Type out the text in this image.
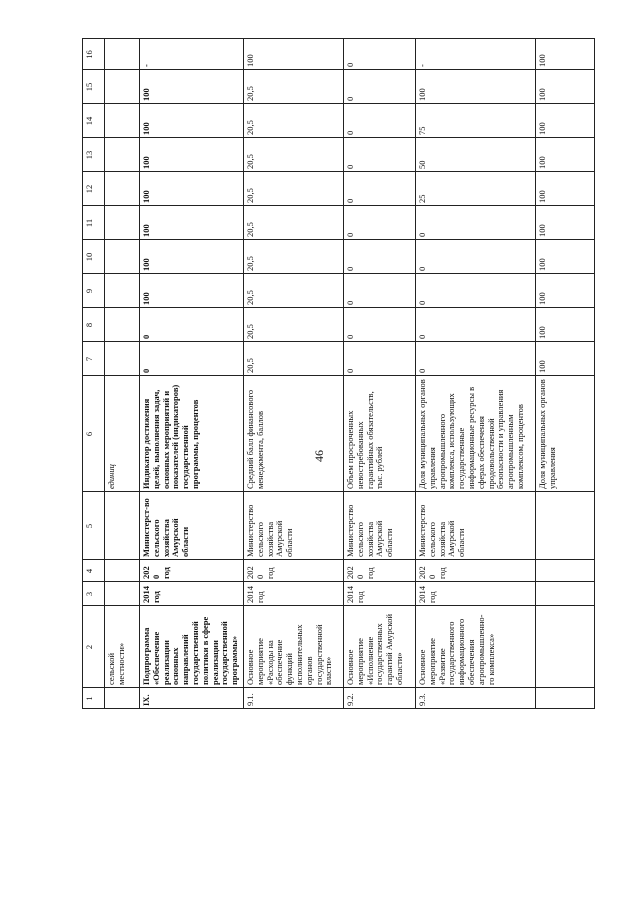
46
1
2
3
4
5
6
7
8
9
10
11
12
13
14
15
16
сельской местности»
единиц
IX.
Подпрограмма «Обеспечение реализации основных направлений государственной политики в сфере реализации государственной программы»
2014 год
2020 год
Министерст-во сельского хозяйства Амурской области
Индикатор достижения целей, выполнения задач, основных мероприятий и показателей (индикаторов) государственной программы, процентов
0
0
100
100
100
100
100
100
100
-
9.1.
Основное мероприятие «Расходы на обеспечение функций исполнительных органов государственной власти»
2014 год
2020 год
Министерство сельского хозяйства Амурской области
Средний балл финансового менеджмента, баллов
20,5
20,5
20,5
20,5
20,5
20,5
20,5
20,5
20,5
100
9.2.
Основное мероприятие «Исполнение государственных гарантий Амурской области»
2014 год
2020 год
Министерство сельского хозяйства Амурской области
Объем просроченных невостребованных гарантийных обязательств, тыс. рублей
0
0
0
0
0
0
0
0
0
0
9.3.
Основное мероприятие «Развитие государственного информационного обеспечения агропромышленно-го комплекса»
2014 год
2020 год
Министерство сельского хозяйства Амурской области
Доля муниципальных органов управления агропромышленного комплекса, использующих государственные информационные ресурсы в сферах обеспечения продовольственной безопасности и управления агропромышленным комплексом, процентов
0
0
0
0
0
25
50
75
100
-
Доля муниципальных органов управления
100
100
100
100
100
100
100
100
100
100
